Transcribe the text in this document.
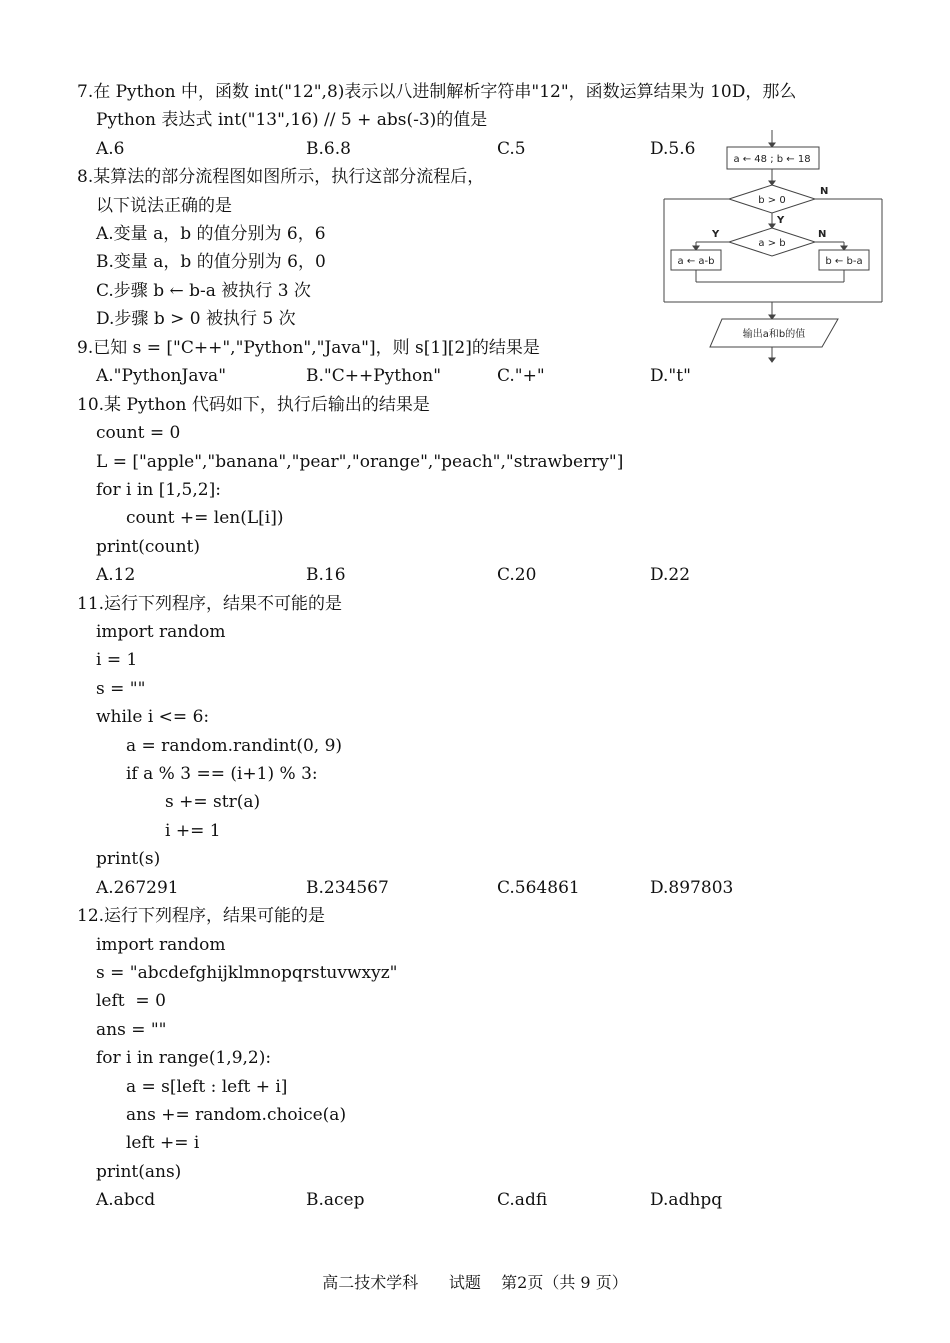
7.在 Python 中，函数 int("12",8)表示以八进制解析字符串"12"，函数运算结果为 10D，那么
Python 表达式 int("13",16) // 5 + abs(-3)的值是
A.6	B.6.8	C.5	D.5.6
8.某算法的部分流程图如图所示，执行这部分流程后，
以下说法正确的是
A.变量 a，b 的值分别为 6，6
B.变量 a，b 的值分别为 6，0
C.步骤 b ← b-a 被执行 3 次
D.步骤 b > 0 被执行 5 次
a ← 48 ; b ← 18
b > 0
N
Y
a > b
Y	N
a ← a-b	b ← b-a
输出a和b的值
9.已知 s = ["C++","Python","Java"]，则 s[1][2]的结果是
A."PythonJava"	B."C++Python"	C."+"	D."t"
10.某 Python 代码如下，执行后输出的结果是
count = 0
L = ["apple","banana","pear","orange","peach","strawberry"]
for i in [1,5,2]:
count += len(L[i])
print(count)
A.12	B.16	C.20	D.22
11.运行下列程序，结果不可能的是
import random
i = 1
s = ""
while i <= 6:
a = random.randint(0, 9)
if a % 3 == (i+1) % 3:
s += str(a)
i += 1
print(s)
A.267291	B.234567	C.564861	D.897803
12.运行下列程序，结果可能的是
import random
s = "abcdefghijklmnopqrstuvwxyz"
left  = 0
ans = ""
for i in range(1,9,2):
a = s[left : left + i]
ans += random.choice(a)
left += i
print(ans)
A.abcd	B.acep	C.adfi	D.adhpq
高二技术学科      试题    第2页（共 9 页）
